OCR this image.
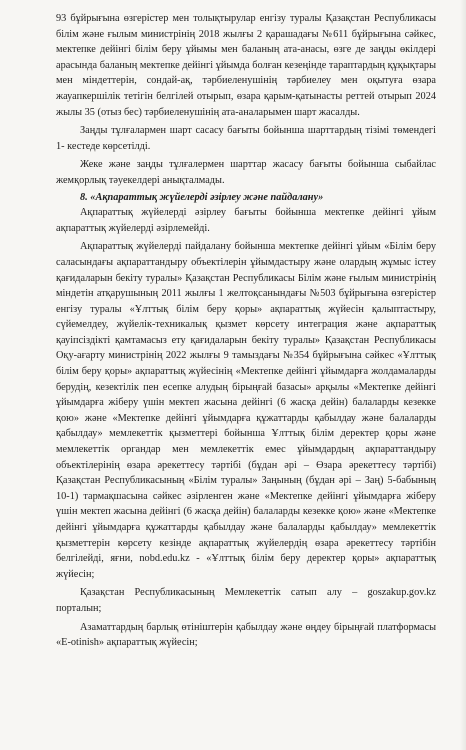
93 бұйрығына өзгерістер мен толықтырулар енгізу туралы Қазақстан Республикасы білім және ғылым министрінің 2018 жылғы 2 қарашадағы №611 бұйрығына сәйкес, мектепке дейінгі білім беру ұйымы мен баланың ата-анасы, өзге де заңды өкілдері арасында баланың мектепке дейінгі ұйымда болған кезеңінде тараптардың құқықтары мен міндеттерін, сондай-ақ, тәрбиеленушінің тәрбиелеу мен оқытуға өзара жауапкершілік тетігін белгілей отырып, өзара қарым-қатынасты реттей отырып 2024 жылы 35 (отыз бес) тәрбиеленушінің ата-аналарымен шарт жасалды.

Заңды тұлғалармен шарт сасасу бағыты бойынша шарттардың тізімі төмендегі 1- кестеде көрсетілді.

Жеке және заңды тұлғалермен шарттар жасасу бағыты бойынша сыбайлас жемқорлық тәуекелдері анықталмады.

8. «Ақпараттық жүйелерді әзірлеу және пайдалану»

Ақпараттық жүйелерді әзірлеу бағыты бойынша мектепке дейінгі ұйым ақпараттық жүйелерді әзірлемейді.

Ақпараттық жүйелерді пайдалану бойынша мектепке дейінгі ұйым «Білім беру саласындағы ақпараттандыру объектілерін ұйымдастыру және олардың жұмыс істеу қағидаларын бекіту туралы» Қазақстан Республикасы Білім және ғылым министрінің міндетін атқарушының 2011 жылғы 1 желтоқсанындағы №503 бұйрығына өзгерістер енгізу туралы «Ұлттық білім беру қоры» ақпараттық жүйесін қалыптастыру, сүйемелдеу, жүйелік-техникалық қызмет көрсету интеграция және ақпараттық қауіпсіздікті қамтамасыз ету қағидаларын бекіту туралы» Қазақстан Республикасы Оқу-ағарту министрінің 2022 жылғы 9 тамыздағы №354 бұйрығына сәйкес «Ұлттық білім беру қоры» ақпараттық жүйесінің «Мектепке дейінгі ұйымдарға жолдамаларды берудің, кезектілік пен есепке алудың бірыңғай базасы» арқылы «Мектепке дейінгі ұйымдарға жіберу үшін мектеп жасына дейінгі (6 жасқа дейін) балаларды кезекке қою» және «Мектепке дейінгі ұйымдарға құжаттарды қабылдау және балаларды қабылдау» мемлекеттік қызметтері бойынша Ұлттық білім деректер қоры және мемлекеттік органдар мен мемлекеттік емес ұйымдардың ақпараттандыру объектілерінің өзара әрекеттесу тәртібі (бұдан әрі – Өзара әрекеттесу тәртібі) Қазақстан Республикасының «Білім туралы» Заңының (бұдан әрі – Заң) 5-бабының 10-1) тармақшасына сәйкес әзірленген және «Мектепке дейінгі ұйымдарға жіберу үшін мектеп жасына дейінгі (6 жасқа дейін) балаларды кезекке қою» және «Мектепке дейінгі ұйымдарға құжаттарды қабылдау және балаларды қабылдау» мемлекеттік қызметтерін көрсету кезінде ақпараттық жүйелердің өзара әрекеттесу тәртібін белгілейді, яғни, nobd.edu.kz - «Ұлттық білім беру деректер қоры» ақпараттық жүйесін;

Қазақстан Республикасының Мемлекеттік сатып алу – goszakup.gov.kz порталын;

Азаматтардың барлық өтініштерін қабылдау және өңдеу бірыңғай платформасы «E-otinish» ақпараттық жүйесін;
